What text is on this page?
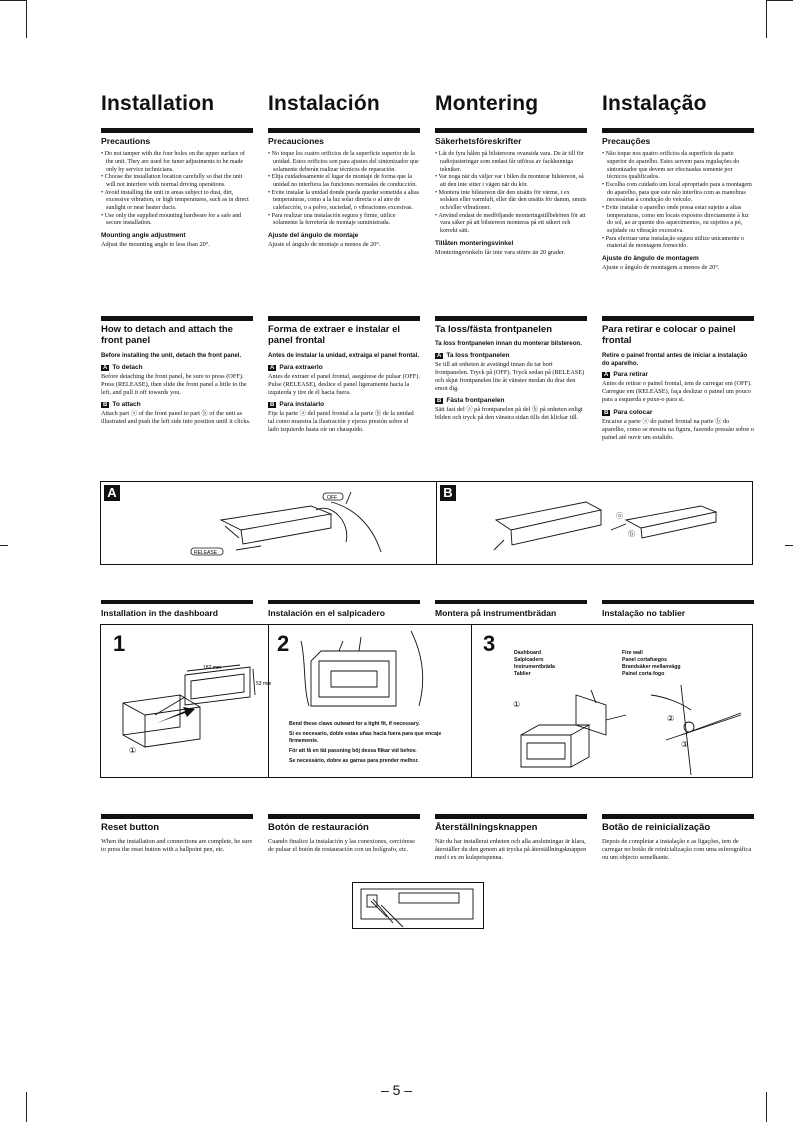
Installation	Instalación	Montering	Instalação
Precautions
• Do not tamper with the four holes on the upper surface of the unit. They are used for tuner adjustments to be made only by service technicians.
• Choose the installation location carefully so that the unit will not interfere with normal driving operations.
• Avoid installing the unit in areas subject to dust, dirt, excessive vibration, or high temperatures, such as in direct sunlight or near heater ducts.
• Use only the supplied mounting hardware for a safe and secure installation.
Mounting angle adjustment
Adjust the mounting angle to less than 20°.
Precauciones
• No toque los cuatro orificios de la superficie superior de la unidad. Estos orificios son para ajustes del sintonizador que solamente deberán realizar técnicos de reparación.
• Elija cuidadosamente el lugar de montaje de forma que la unidad no interfiera las funciones normales de conducción.
• Evite instalar la unidad donde pueda quedar sometida a altas temperaturas, como a la luz solar directa o al aire de calefacción, o a polvo, suciedad, o vibraciones excesivas.
• Para realizar una instalación segura y firme, utilice solamente la ferretería de montaje suministrada.
Ajuste del ángulo de montaje
Ajuste el ángulo de montaje a menos de 20°.
Säkerhetsföreskrifter
• Låt de fyra hålen på bilstereons ovansida vara. De är till för radiojusteringar som endast får utföras av fackkunniga tekniker.
• Var noga när du väljer var i bilen du monterar bilstereon, så att den inte sitter i vägen när du kör.
• Montera inte bilstereon där den utsätts för värme, t ex solsken eller varmluft, eller där den utsätts för damm, smuts och/eller vibrationer.
• Använd endast de medföljande monteringstillbehören för att vara säker på att bilstereon monteras på ett säkert och korrekt sätt.
Tillåten monteringsvinkel
Monteringsvinkeln får inte vara större än 20 grader.
Precauções
• Não toque nos quatro orifícios da superfície da parte superior do aparelho. Estes servem para regulações do sintonizador que devem ser efectuadas somente por técnicos qualificados.
• Escolha com cuidado um local apropriado para a montagem do aparelho, para que este não interfira com as manobras necessárias à condução do veículo.
• Evite instalar o aparelho onde possa estar sujeito a altas temperaturas, como em locais expostos directamente à luz do sol, ao ar quente dos aquecimentos, ou sujeitos a pó, sujidade ou vibração excessiva.
• Para efectuar uma instalação segura utilize unicamente o material de montagem fornecido.
Ajuste do ângulo de montagem
Ajuste o ângulo de montagem a menos de 20°.
How to detach and attach the front panel
Before installing the unit, detach the front panel.
A To detach
Before detaching the front panel, be sure to press (OFF). Press (RELEASE), then slide the front panel a little to the left, and pull it off towards you.
B To attach
Attach part ⓐ of the front panel to part ⓑ of the unit as illustrated and push the left side into position until it clicks.
Forma de extraer e instalar el panel frontal
Antes de instalar la unidad, extraiga el panel frontal.
A Para extraerlo
Antes de extraer el panel frontal, asegúrese de pulsar (OFF). Pulse (RELEASE), deslice el panel ligeramente hacia la izquierda y tire de él hacia fuera.
B Para instalarlo
Fije la parte ⓐ del panel frontal a la parte ⓑ de la unidad tal como muestra la ilustración y ejerza presión sobre el lado izquierdo hasta oír un chasquido.
Ta loss/fästa frontpanelen
Ta loss frontpanelen innan du monterar bilstereon.
A Ta loss frontpanelen
Se till att enheten är avstängd innan du tar bort frontpanelen. Tryck på (OFF). Tryck sedan på (RELEASE) och skjut frontpanelen lite åt vänster medan du drar den emot dig.
B Fästa frontpanelen
Sätt fast del ⓐ på frontpanelen på del ⓑ på enheten enligt bilden och tryck på den vänstra sidan tills det klickar till.
Para retirar e colocar o painel frontal
Retire o painel frontal antes de iniciar a instalação do aparelho.
A Para retirar
Antes de retirar o painel frontal, tem de carregar em (OFF). Carregue em (RELEASE), faça deslizar o painel um pouco para a esquerda e puxe-o para si.
B Para colocar
Encaixe a parte ⓐ do painel frontal na parte ⓑ do aparelho, como se mostra na figura, fazendo pressão sobre o painel até ouvir um estalido.
A	B
OFF
RELEASE
ⓐ
ⓑ
Installation in the dashboard	Instalación en el salpicadero	Montera på instrumentbrädan	Instalação no tablier
1
182 mm
53 mm
①
2
Bend these claws outward for a tight fit, if necessary.
Si es necesario, doble estas uñas hacia fuera para que encaje firmemente.
För att få en tät passning böj dessa flikar vid behov.
Se necessário, dobre as garras para prender melhor.
3	Dashboard
Salpicadero
Instrumentbräda
Tablier
Fire wall
Panel cortafuegos
Brandsäker mellanvägg
Painel corta-fogo
①
②
③
Reset button
When the installation and connections are complete, be sure to press the reset button with a ballpoint pen, etc.
Botón de restauración
Cuando finalice la instalación y las conexiones, cerciórese de pulsar el botón de restauración con un bolígrafo, etc.
Återställningsknappen
När du har installerat enheten och alla anslutningar är klara, återställer du den genom att trycka på återställningsknappen med t ex en kulspetspenna.
Botão de reinicialização
Depois de completar a instalação e as ligações, tem de carregar no botão de reinicialização com uma esferográfica ou um objecto semelhante.
– 5 –
